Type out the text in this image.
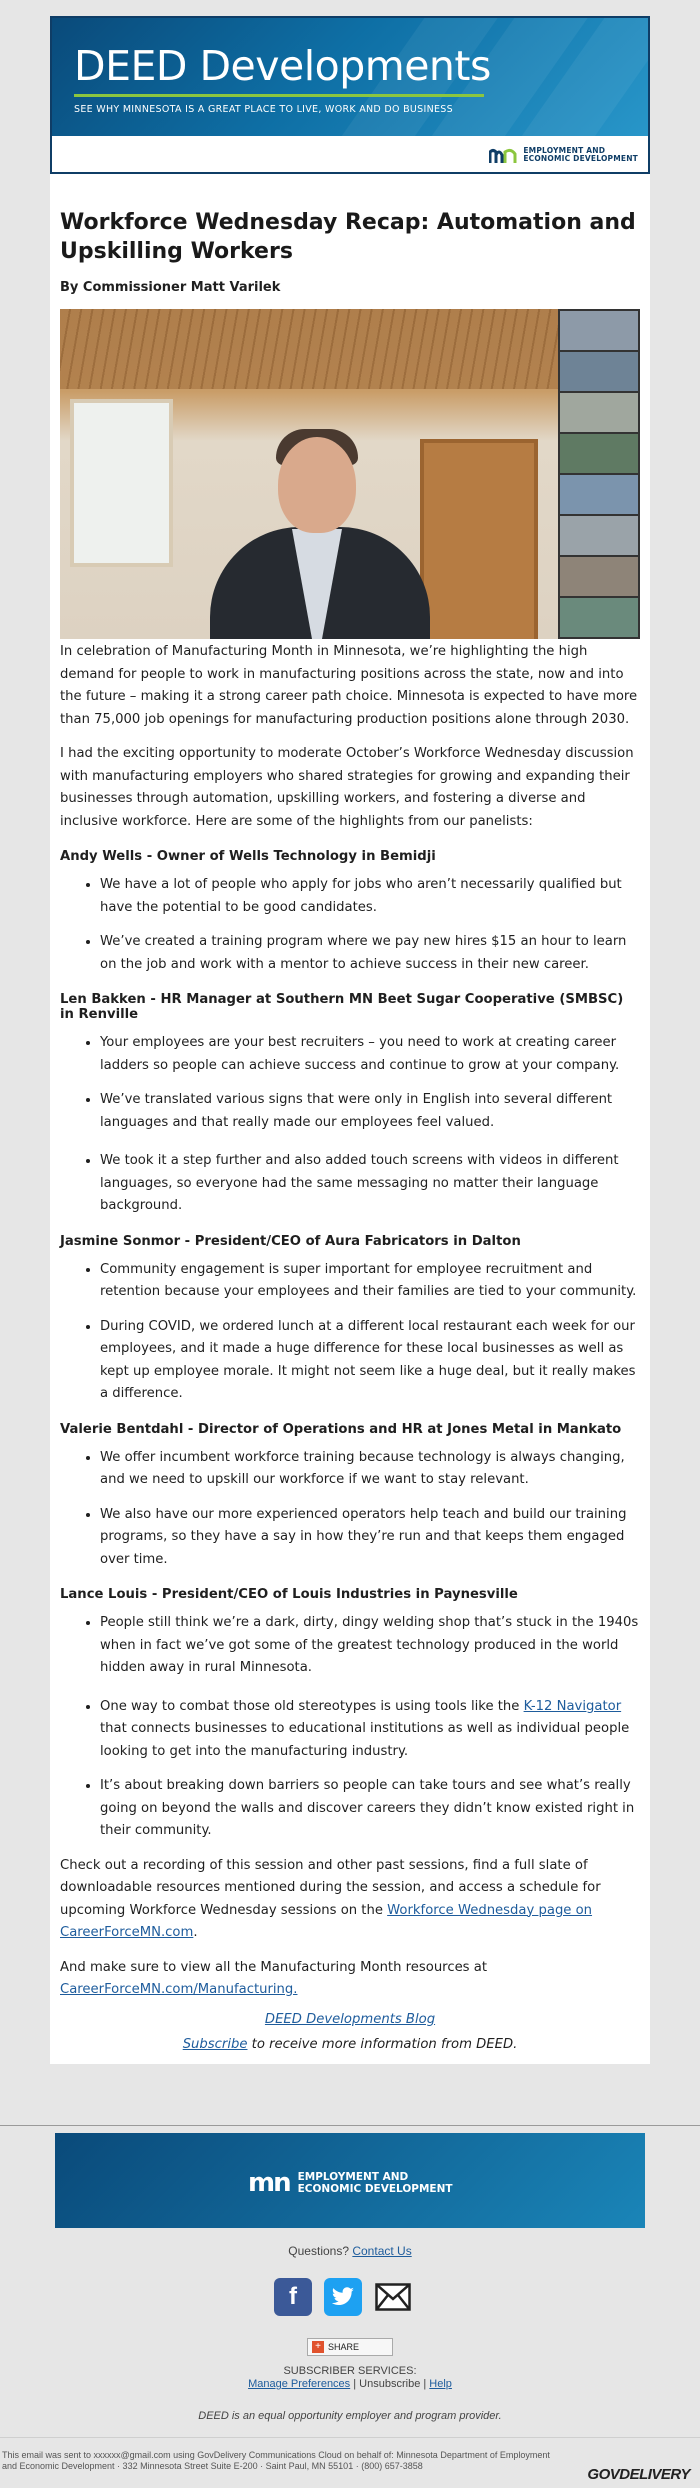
DEED Developments
SEE WHY MINNESOTA IS A GREAT PLACE TO LIVE, WORK AND DO BUSINESS
EMPLOYMENT AND
ECONOMIC DEVELOPMENT
Workforce Wednesday Recap: Automation and Upskilling Workers
By Commissioner Matt Varilek

In celebration of Manufacturing Month in Minnesota, we’re highlighting the high demand for people to work in manufacturing positions across the state, now and into the future – making it a strong career path choice. Minnesota is expected to have more than 75,000 job openings for manufacturing production positions alone through 2030.

I had the exciting opportunity to moderate October’s Workforce Wednesday discussion with manufacturing employers who shared strategies for growing and expanding their businesses through automation, upskilling workers, and fostering a diverse and inclusive workforce. Here are some of the highlights from our panelists:

Andy Wells - Owner of Wells Technology in Bemidji
• We have a lot of people who apply for jobs who aren’t necessarily qualified but have the potential to be good candidates.
• We’ve created a training program where we pay new hires $15 an hour to learn on the job and work with a mentor to achieve success in their new career.
Len Bakken - HR Manager at Southern MN Beet Sugar Cooperative (SMBSC) in Renville
• Your employees are your best recruiters – you need to work at creating career ladders so people can achieve success and continue to grow at your company.
• We’ve translated various signs that were only in English into several different languages and that really made our employees feel valued.
• We took it a step further and also added touch screens with videos in different languages, so everyone had the same messaging no matter their language background.
Jasmine Sonmor - President/CEO of Aura Fabricators in Dalton
• Community engagement is super important for employee recruitment and retention because your employees and their families are tied to your community.
• During COVID, we ordered lunch at a different local restaurant each week for our employees, and it made a huge difference for these local businesses as well as kept up employee morale. It might not seem like a huge deal, but it really makes a difference.
Valerie Bentdahl - Director of Operations and HR at Jones Metal in Mankato
• We offer incumbent workforce training because technology is always changing, and we need to upskill our workforce if we want to stay relevant.
• We also have our more experienced operators help teach and build our training programs, so they have a say in how they’re run and that keeps them engaged over time.
Lance Louis - President/CEO of Louis Industries in Paynesville
• People still think we’re a dark, dirty, dingy welding shop that’s stuck in the 1940s when in fact we’ve got some of the greatest technology produced in the world hidden away in rural Minnesota.
• One way to combat those old stereotypes is using tools like the K-12 Navigator that connects businesses to educational institutions as well as individual people looking to get into the manufacturing industry.
• It’s about breaking down barriers so people can take tours and see what’s really going on beyond the walls and discover careers they didn’t know existed right in their community.

Check out a recording of this session and other past sessions, find a full slate of downloadable resources mentioned during the session, and access a schedule for upcoming Workforce Wednesday sessions on the Workforce Wednesday page on CareerForceMN.com.

And make sure to view all the Manufacturing Month resources at CareerForceMN.com/Manufacturing.

DEED Developments Blog
Subscribe to receive more information from DEED.
mn EMPLOYMENT AND
ECONOMIC DEVELOPMENT
Questions? Contact Us
f
+ SHARE
SUBSCRIBER SERVICES:
Manage Preferences | Unsubscribe | Help
DEED is an equal opportunity employer and program provider.
This email was sent to xxxxxx@gmail.com using GovDelivery Communications Cloud on behalf of: Minnesota Department of Employment and Economic Development · 332 Minnesota Street Suite E-200 · Saint Paul, MN 55101 · (800) 657-3858	GOVDELIVERY
